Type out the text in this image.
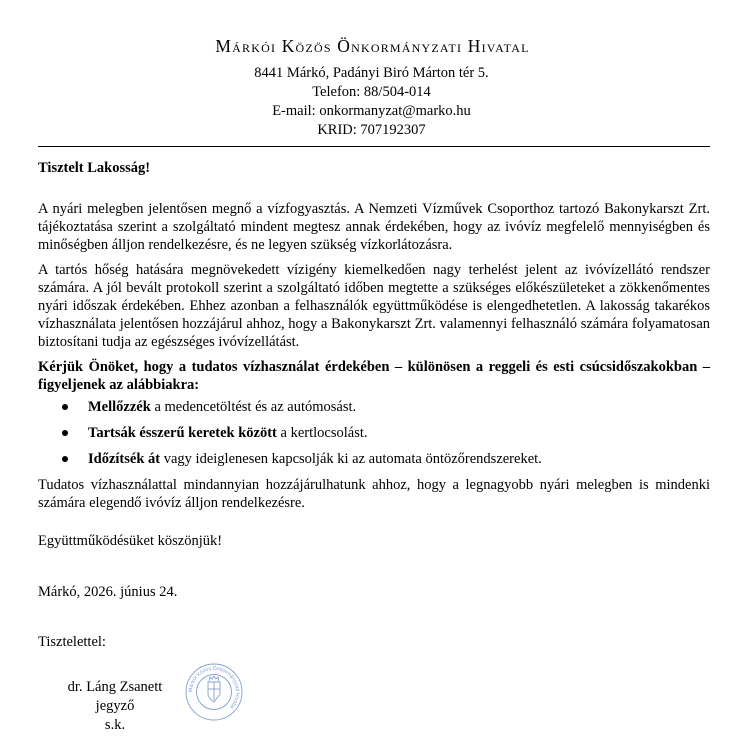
Márkói Közös Önkormányzati Hivatal
8441 Márkó, Padányi Biró Márton tér 5.
Telefon: 88/504-014
E-mail: onkormanyzat@marko.hu
KRID: 707192307
Tisztelt Lakosság!

A nyári melegben jelentősen megnő a vízfogyasztás. A Nemzeti Vízművek Csoporthoz tartozó Bakonykarszt Zrt. tájékoztatása szerint a szolgáltató mindent megtesz annak érdekében, hogy az ivóvíz megfelelő mennyiségben és minőségben álljon rendelkezésre, és ne legyen szükség vízkorlátozásra.

A tartós hőség hatására megnövekedett vízigény kiemelkedően nagy terhelést jelent az ivóvízellátó rendszer számára. A jól bevált protokoll szerint a szolgáltató időben megtette a szükséges előkészületeket a zökkenőmentes nyári időszak érdekében. Ehhez azonban a felhasználók együttműködése is elengedhetetlen. A lakosság takarékos vízhasználata jelentősen hozzájárul ahhoz, hogy a Bakonykarszt Zrt. valamennyi felhasználó számára folyamatosan biztosítani tudja az egészséges ivóvízellátást.

Kérjük Önöket, hogy a tudatos vízhasználat érdekében – különösen a reggeli és esti csúcsidőszakokban – figyeljenek az alábbiakra:

Mellőzzék a medencetöltést és az autómosást.
Tartsák ésszerű keretek között a kertlocsolást.
Időzítsék át vagy ideiglenesen kapcsolják ki az automata öntözőrendszereket.

Tudatos vízhasználattal mindannyian hozzájárulhatunk ahhoz, hogy a legnagyobb nyári melegben is mindenki számára elegendő ivóvíz álljon rendelkezésre.

Együttműködésüket köszönjük!
Márkó, 2026. június 24.
Tisztelettel:
dr. Láng Zsanett
jegyző
s.k.
Márkói Közös Önkormányzati Hivatal
